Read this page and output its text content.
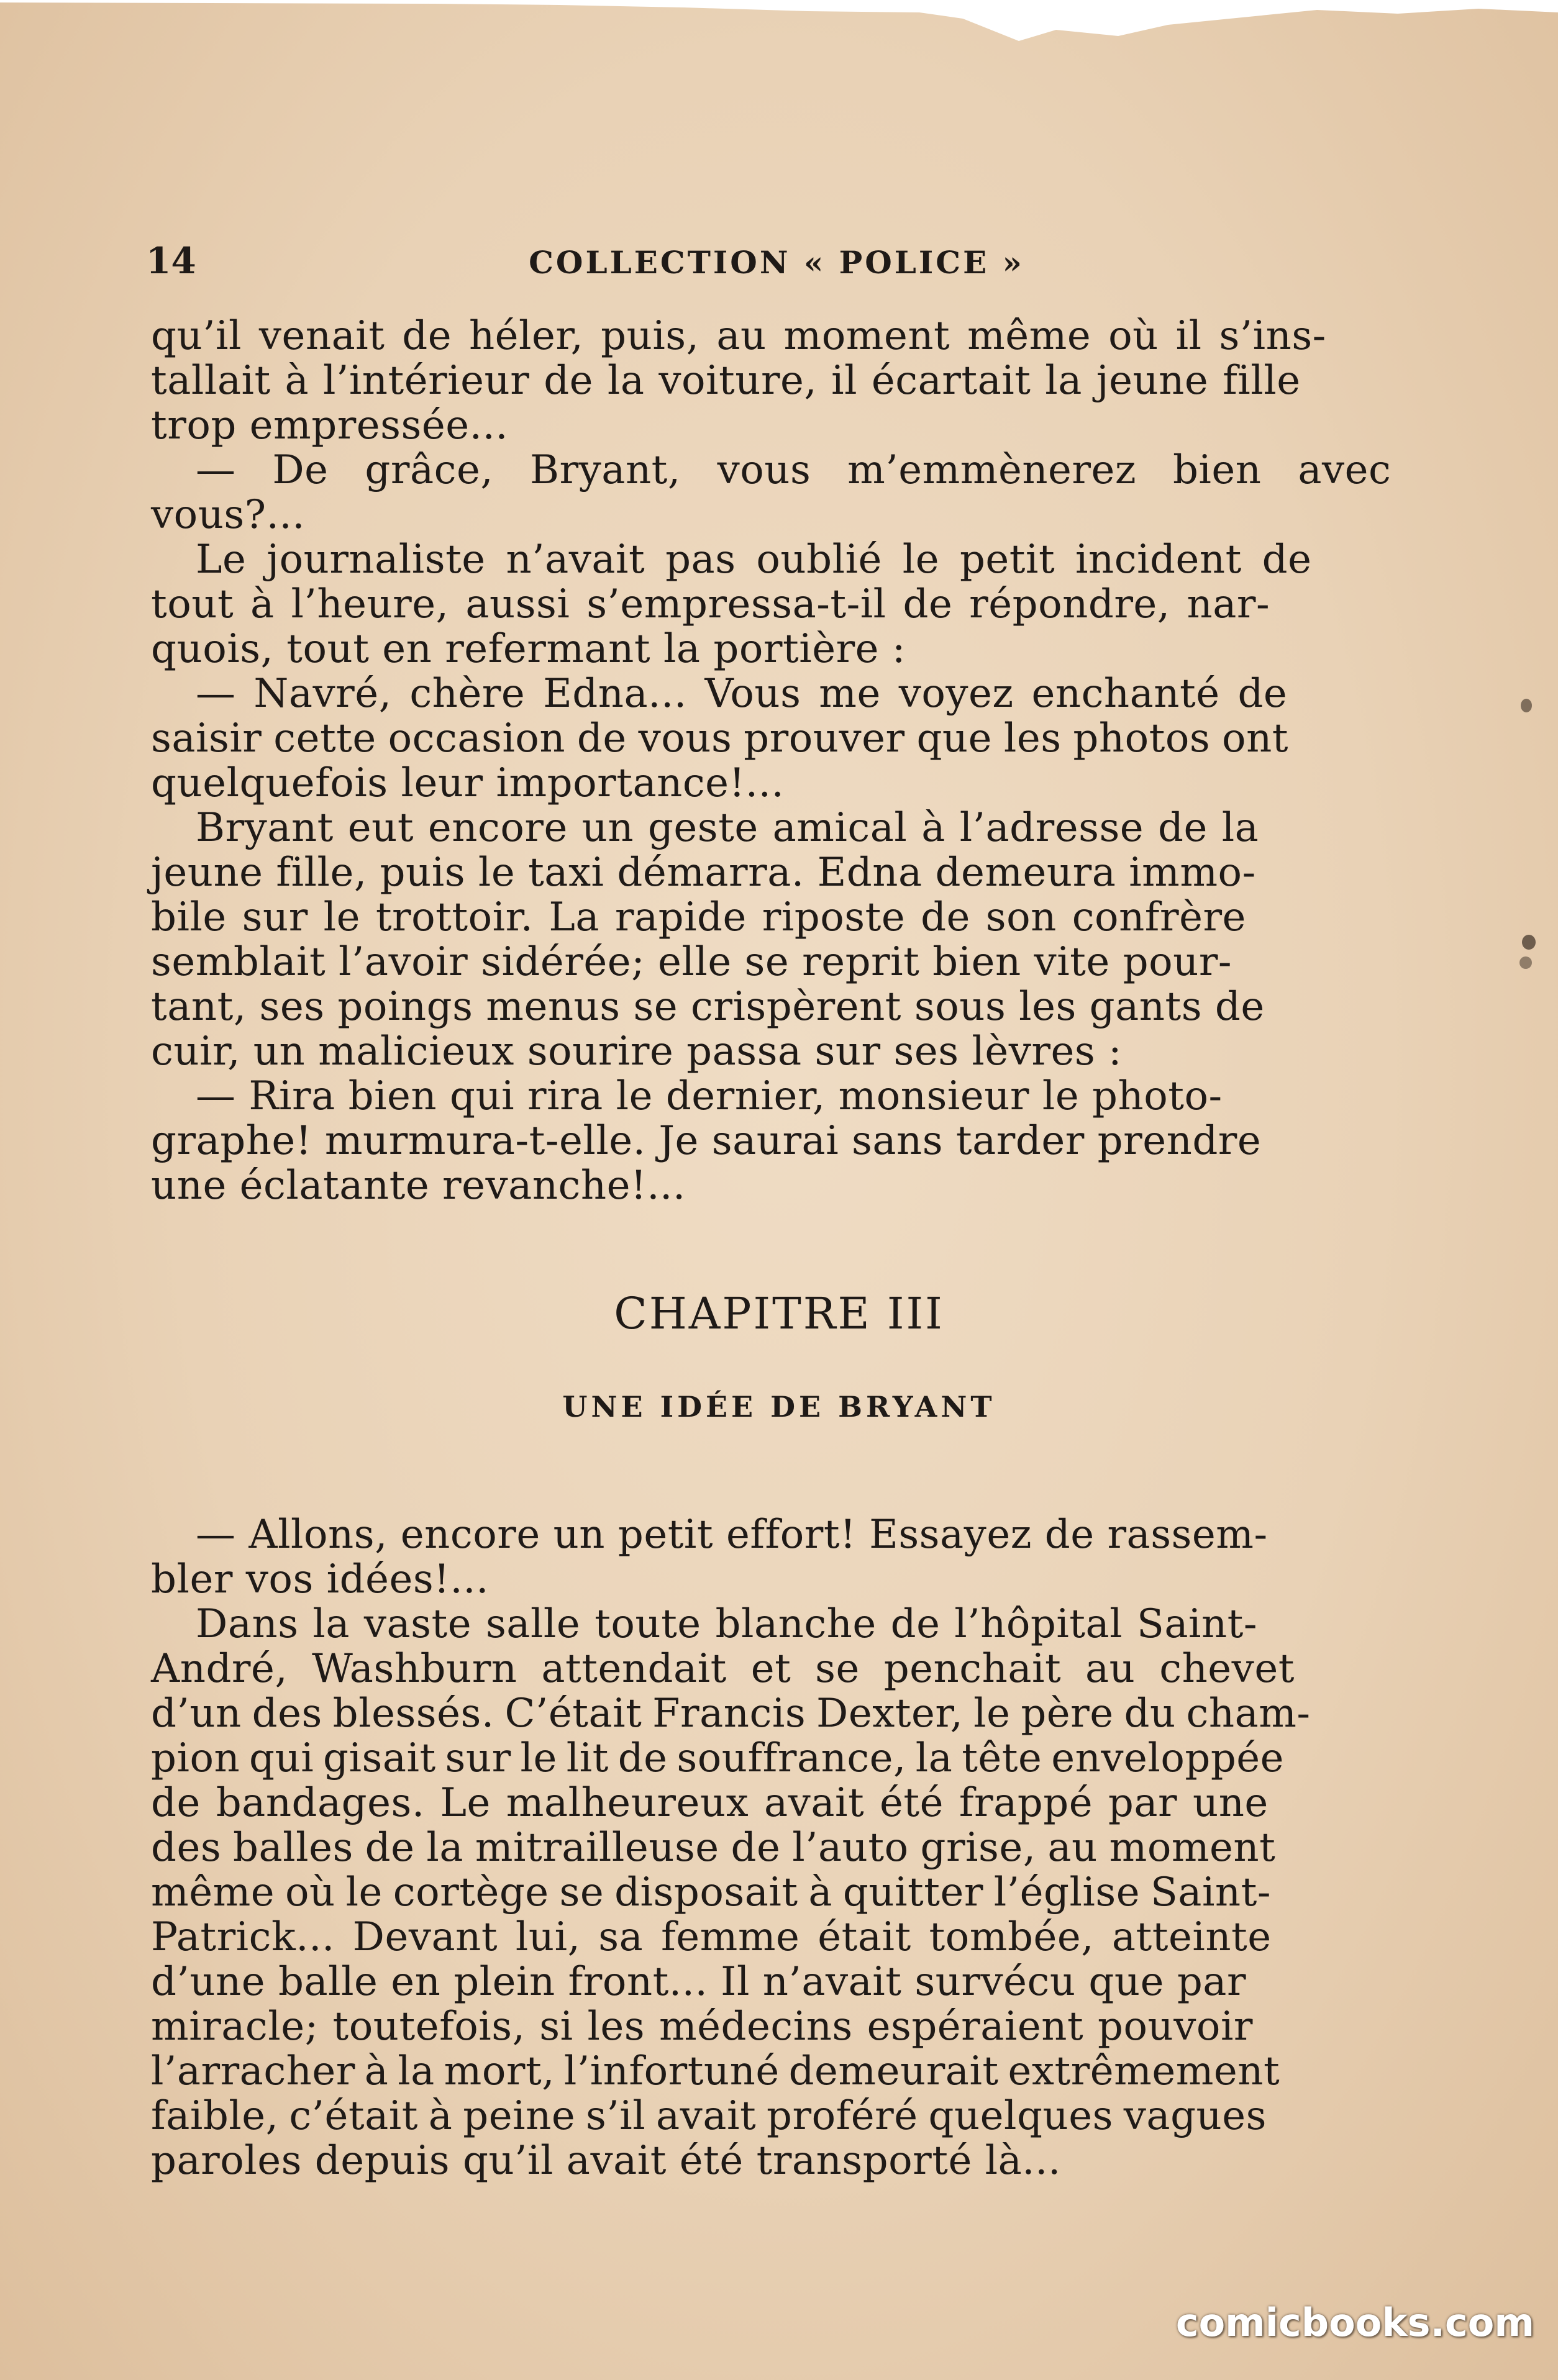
14	COLLECTION « POLICE »
qu’il venait de héler, puis, au moment même où il s’ins-
tallait à l’intérieur de la voiture, il écartait la jeune fille
trop empressée...
— De grâce, Bryant, vous m’emmènerez bien avec
vous?...
Le journaliste n’avait pas oublié le petit incident de
tout à l’heure, aussi s’empressa-t-il de répondre, nar-
quois, tout en refermant la portière :
— Navré, chère Edna... Vous me voyez enchanté de
saisir cette occasion de vous prouver que les photos ont
quelquefois leur importance!...
Bryant eut encore un geste amical à l’adresse de la
jeune fille, puis le taxi démarra. Edna demeura immo-
bile sur le trottoir. La rapide riposte de son confrère
semblait l’avoir sidérée; elle se reprit bien vite pour-
tant, ses poings menus se crispèrent sous les gants de
cuir, un malicieux sourire passa sur ses lèvres :
— Rira bien qui rira le dernier, monsieur le photo-
graphe! murmura-t-elle. Je saurai sans tarder prendre
une éclatante revanche!...
CHAPITRE III
UNE IDÉE DE BRYANT
— Allons, encore un petit effort! Essayez de rassem-
bler vos idées!...
Dans la vaste salle toute blanche de l’hôpital Saint-
André, Washburn attendait et se penchait au chevet
d’un des blessés. C’était Francis Dexter, le père du cham-
pion qui gisait sur le lit de souffrance, la tête enveloppée
de bandages. Le malheureux avait été frappé par une
des balles de la mitrailleuse de l’auto grise, au moment
même où le cortège se disposait à quitter l’église Saint-
Patrick... Devant lui, sa femme était tombée, atteinte
d’une balle en plein front... Il n’avait survécu que par
miracle; toutefois, si les médecins espéraient pouvoir
l’arracher à la mort, l’infortuné demeurait extrêmement
faible, c’était à peine s’il avait proféré quelques vagues
paroles depuis qu’il avait été transporté là...
comicbooks.com
